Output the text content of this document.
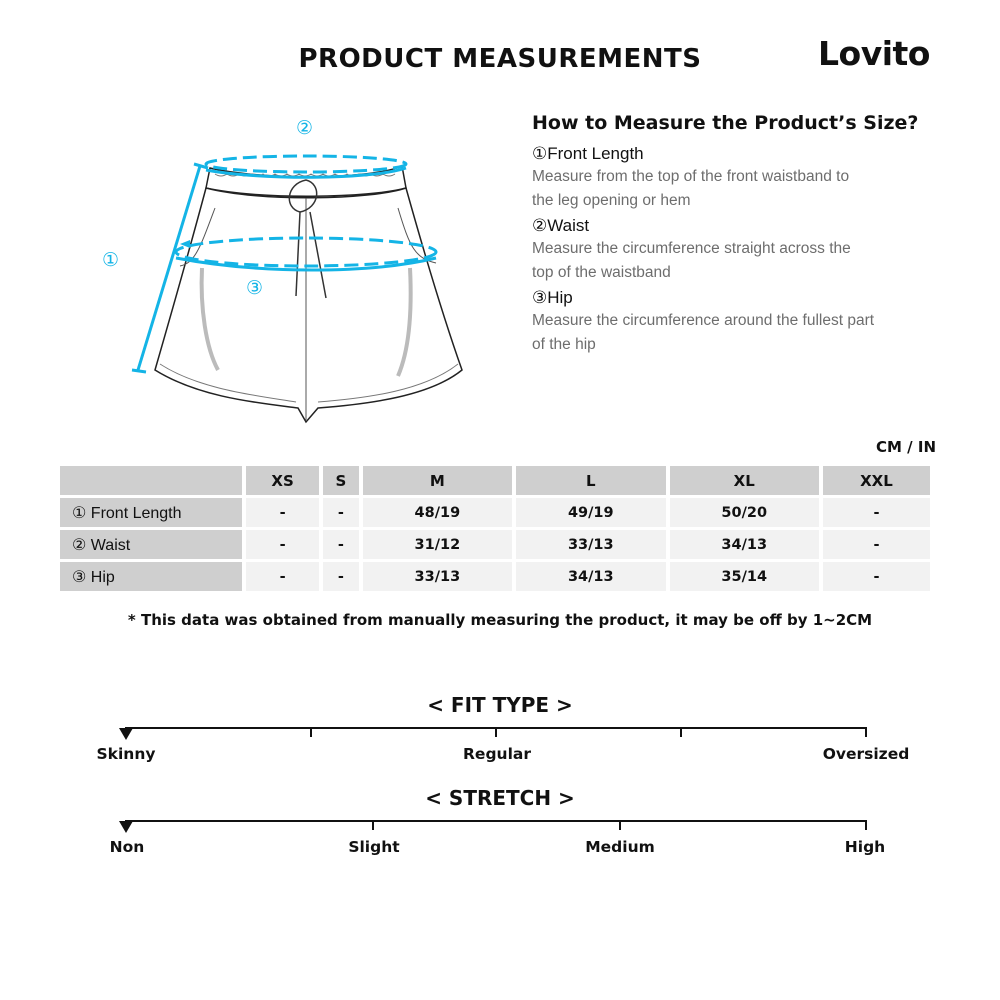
PRODUCT MEASUREMENTS	Lovito
①
②
③
How to Measure the Product’s Size?
①Front Length
Measure from the top of the front waistband to
the leg opening or hem
②Waist
Measure the circumference straight across the
top of the waistband
③Hip
Measure the circumference around the fullest part
of the hip
CM / IN
	XS	S	M	L	XL	XXL
① Front Length	-	-	48/19	49/19	50/20	-
② Waist	-	-	31/12	33/13	34/13	-
③ Hip	-	-	33/13	34/13	35/14	-
* This data was obtained from manually measuring the product, it may be off by 1~2CM
< FIT TYPE >
Skinny	Regular	Oversized
< STRETCH >
Non	Slight	Medium	High
